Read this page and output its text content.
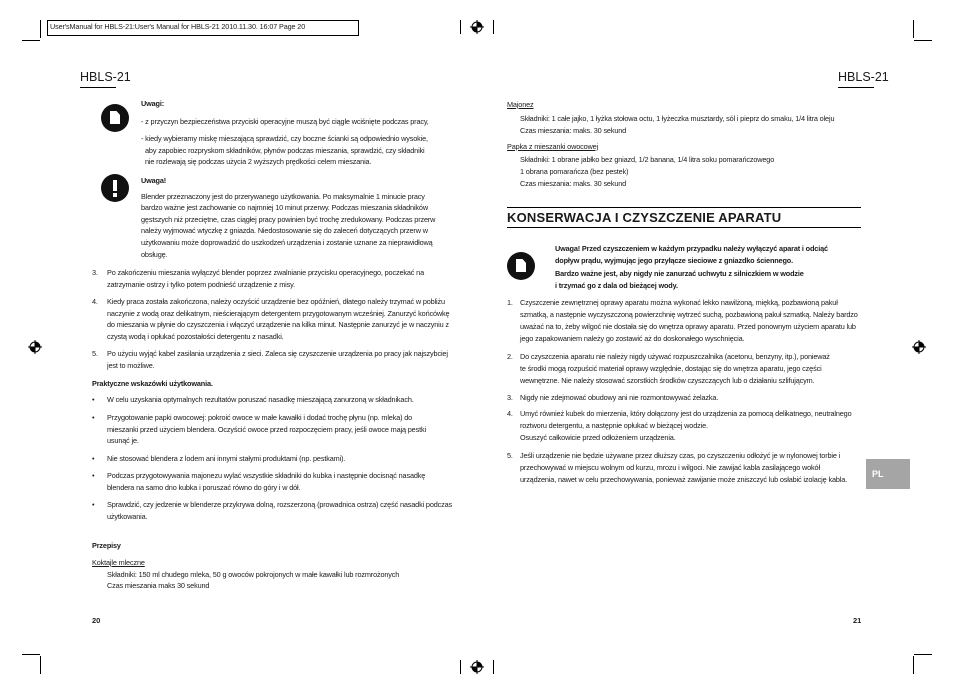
User'sManual for HBLS-21:User's Manual for HBLS-21 2010.11.30. 16:07 Page 20
HBLS-21
Uwagi:
- z przyczyn bezpieczeństwa przyciski operacyjne muszą być ciągle wciśnięte podczas pracy,
- kiedy wybieramy miskę mieszającą sprawdzić, czy boczne ścianki są odpowiednio wysokie,
aby zapobiec rozpryskom składników, płynów podczas mieszania, sprawdzić, czy składniki
nie rozlewają się podczas użycia 2 wyższych prędkości celem mieszania.
Uwaga!
Blender przeznaczony jest do przerywanego użytkowania. Po maksymalnie 1 minucie pracy
bardzo ważne jest zachowanie co najmniej 10 minut przerwy. Podczas mieszania składników
gęstszych niż przeciętne, czas ciągłej pracy powinien być trochę zredukowany. Podczas przerw
należy wyjmować wtyczkę z gniazda. Niedostosowanie się do zaleceń dotyczących przerw w
użytkowaniu może doprowadzić do uszkodzeń urządzenia i zostanie uznane za nieprawidłową
obsługę.
3. Po zakończeniu mieszania wyłączyć blender poprzez zwalnianie przycisku operacyjnego, poczekać na
zatrzymanie ostrzy i tylko potem podnieść urządzenie z misy.
4. Kiedy praca została zakończona, należy oczyścić urządzenie bez opóźnień, dłatego należy trzymać w pobliżu
naczynie z wodą oraz delikatnym, nieścierającym detergentem przygotowanym wcześniej. Zanurzyć końcówkę
do mieszania w płynie do czyszczenia i włączyć urządzenie na kilka minut. Następnie zanurzyć je w naczyniu z
czystą wodą i opłukać pozostałości detergentu z nasadki.
5. Po użyciu wyjąć kabel zasilania urządzenia z sieci. Zaleca się czyszczenie urządzenia po pracy jak najszybciej
jest to możliwe.
Praktyczne wskazówki użytkowania.
• W celu uzyskania optymalnych rezultatów poruszać nasadkę mieszającą zanurzoną w składnikach.
• Przygotowanie papki owocowej: pokroić owoce w małe kawałki i dodać trochę płynu (np. mleka) do
mieszanki przed użyciem blendera. Oczyścić owoce przed rozpoczęciem pracy, jeśli owoce mają pestki
usunąć je.
• Nie stosować blendera z lodem ani innymi stałymi produktami (np. pestkami).
• Podczas przygotowywania majonezu wylać wszystkie składniki do kubka i następnie docisnąć nasadkę
blendera na samo dno kubka i poruszać równo do góry i w dół.
• Sprawdzić, czy jedzenie w blenderze przykrywa dolną, rozszerzoną (prowadnica ostrza) część nasadki podczas
użytkowania.
Przepisy
Koktajle mleczne
Składniki: 150 ml chudego mleka, 50 g owoców pokrojonych w małe kawałki lub rozmrożonych
Czas mieszania maks 30 sekund
20
HBLS-21
Majonez
Składniki: 1 całe jajko, 1 łyżka stołowa octu, 1 łyżeczka musztardy, sól i pieprz do smaku, 1/4 litra oleju
Czas mieszania: maks. 30 sekund
Papka z mieszanki owocowej
Składniki: 1 obrane jabłko bez gniazd, 1/2 banana, 1/4 litra soku pomarańczowego
1 obrana pomarańcza (bez pestek)
Czas mieszania: maks. 30 sekund
KONSERWACJA I CZYSZCZENIE APARATU
Uwaga! Przed czyszczeniem w każdym przypadku należy wyłączyć aparat i odciąć
dopływ prądu, wyjmując jego przyłącze sieciowe z gniazdko ściennego.
Bardzo ważne jest, aby nigdy nie zanurzać uchwytu z silniczkiem w wodzie
i trzymać go z dala od bieżącej wody.
1. Czyszczenie zewnętrznej oprawy aparatu można wykonać lekko nawilżoną, miękką, pozbawioną pakuł
szmatką, a następnie wyczyszczoną powierzchnię wytrzeć suchą, pozbawioną pakuł szmatką. Należy bardzo
uważać na to, żeby wilgoć nie dostała się do wnętrza oprawy aparatu. Przed ponownym użyciem aparatu lub
jego zapakowaniem należy go zostawić aż do doskonałego wyschnięcia.
2. Do czyszczenia aparatu nie należy nigdy używać rozpuszczalnika (acetonu, benzyny, itp.), ponieważ
te środki mogą rozpuścić materiał oprawy względnie, dostając się do wnętrza aparatu, jego części
wewnętrzne. Nie należy stosować szorstkich środków czyszczących lub o działaniu szlifującym.
3. Nigdy nie zdejmować obudowy ani nie rozmontowywać żelazka.
4. Umyć również kubek do mierzenia, który dołączony jest do urządzenia za pomocą delikatnego, neutralnego
roztworu detergentu, a następnie opłukać w bieżącej wodzie.
Osuszyć całkowicie przed odłożeniem urządzenia.
5. Jeśli urządzenie nie będzie używane przez dłuższy czas, po czyszczeniu odłożyć je w nylonowej torbie i
przechowywać w miejscu wolnym od kurzu, mrozu i wilgoci. Nie zawijać kabla zasilającego wokół
urządzenia, nawet w celu przechowywania, ponieważ zawijanie może zniszczyć lub osłabić izolację kabla.
PL
21
